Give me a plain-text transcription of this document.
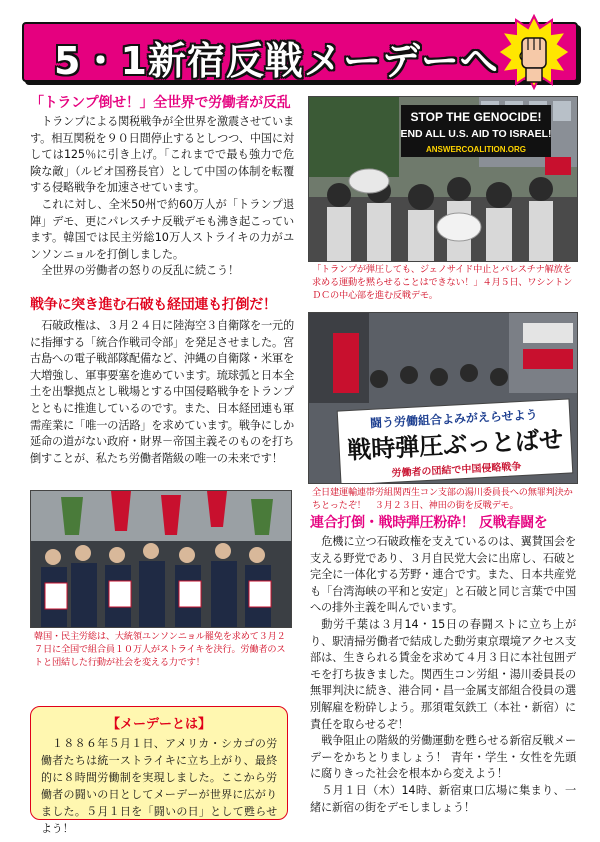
5・1新宿反戦メーデーへ

「トランプ倒せ！」全世界で労働者が反乱

トランプによる関税戦争が全世界を激震させています。相互関税を９０日間停止するとしつつ、中国に対しては125％に引き上げ。「これまでで最も強力で危険な敵」（ルビオ国務長官）として中国の体制を転覆する侵略戦争を加速させています。

これに対し、全米50州で約60万人が「トランプ退陣」デモ、更にパレスチナ反戦デモも沸き起こっています。韓国では民主労総10万人ストライキの力がユンソンニョルを打倒しました。

全世界の労働者の怒りの反乱に続こう！

戦争に突き進む石破も経団連も打倒だ！

石破政権は、３月２４日に陸海空３自衛隊を一元的に指揮する「統合作戦司令部」を発足させました。宮古島への電子戦部隊配備など、沖縄の自衛隊・米軍を大増強し、軍事要塞を進めています。琉球弧と日本全土を出撃拠点とし戦場とする中国侵略戦争をトランプとともに推進しているのです。また、日本経団連も軍需産業に「唯一の活路」を求めています。戦争にしか延命の道がない政府・財界－帝国主義そのものを打ち倒すことが、私たち労働者階級の唯一の未来です！

STOP THE GENOCIDE!
END ALL U.S. AID TO ISRAEL!
ANSWERCOALITION.ORG

「トランプが弾圧しても、ジェノサイド中止とパレスチナ解放を求める運動を黙らせることはできない！」４月５日、ワシントンＤＣの中心部を進む反戦デモ。

闘う労働組合よみがえらせよう
戦時弾圧ぶっとばせ
労働者の団結で中国侵略戦争

全日建運輸連帯労組関西生コン支部の湯川委員長への無罪判決かちとったぞ！　３月２３日、神田の街を反戦デモ。

韓国・民主労総は、大統領ユンソンニョル罷免を求めて３月２７日に全国で組合員１０万人がストライキを決行。労働者のストと団結した行動が社会を変える力です！

連合打倒・戦時弾圧粉砕！ 反戦春闘を

危機に立つ石破政権を支えているのは、翼賛国会を支える野党であり、３月自民党大会に出席し、石破と完全に一体化する芳野・連合です。また、日本共産党も「台湾海峡の平和と安定」と石破と同じ言葉で中国への排外主義を叫んでいます。

動労千葉は３月14・15日の春闘ストに立ち上がり、駅清掃労働者で結成した動労東京環境アクセス支部は、生きられる賃金を求めて４月３日に本社包囲デモを打ち抜きました。関西生コン労組・湯川委員長の無罪判決に続き、港合同・昌一金属支部組合役員の選別解雇を粉砕しよう。那須電気鉄工（本社・新宿）に責任を取らせるぞ！

戦争阻止の階級的労働運動を甦らせる新宿反戦メーデーをかちとりましょう！ 青年・学生・女性を先頭に腐りきった社会を根本から変えよう！

５月１日（木）14時、新宿東口広場に集まり、一緒に新宿の街をデモしましょう！

【メーデーとは】

１８８６年５月１日、アメリカ・シカゴの労働者たちは統一ストライキに立ち上がり、最終的に８時間労働制を実現しました。ここから労働者の闘いの日としてメーデーが世界に広がりました。５月１日を「闘いの日」として甦らせよう！
